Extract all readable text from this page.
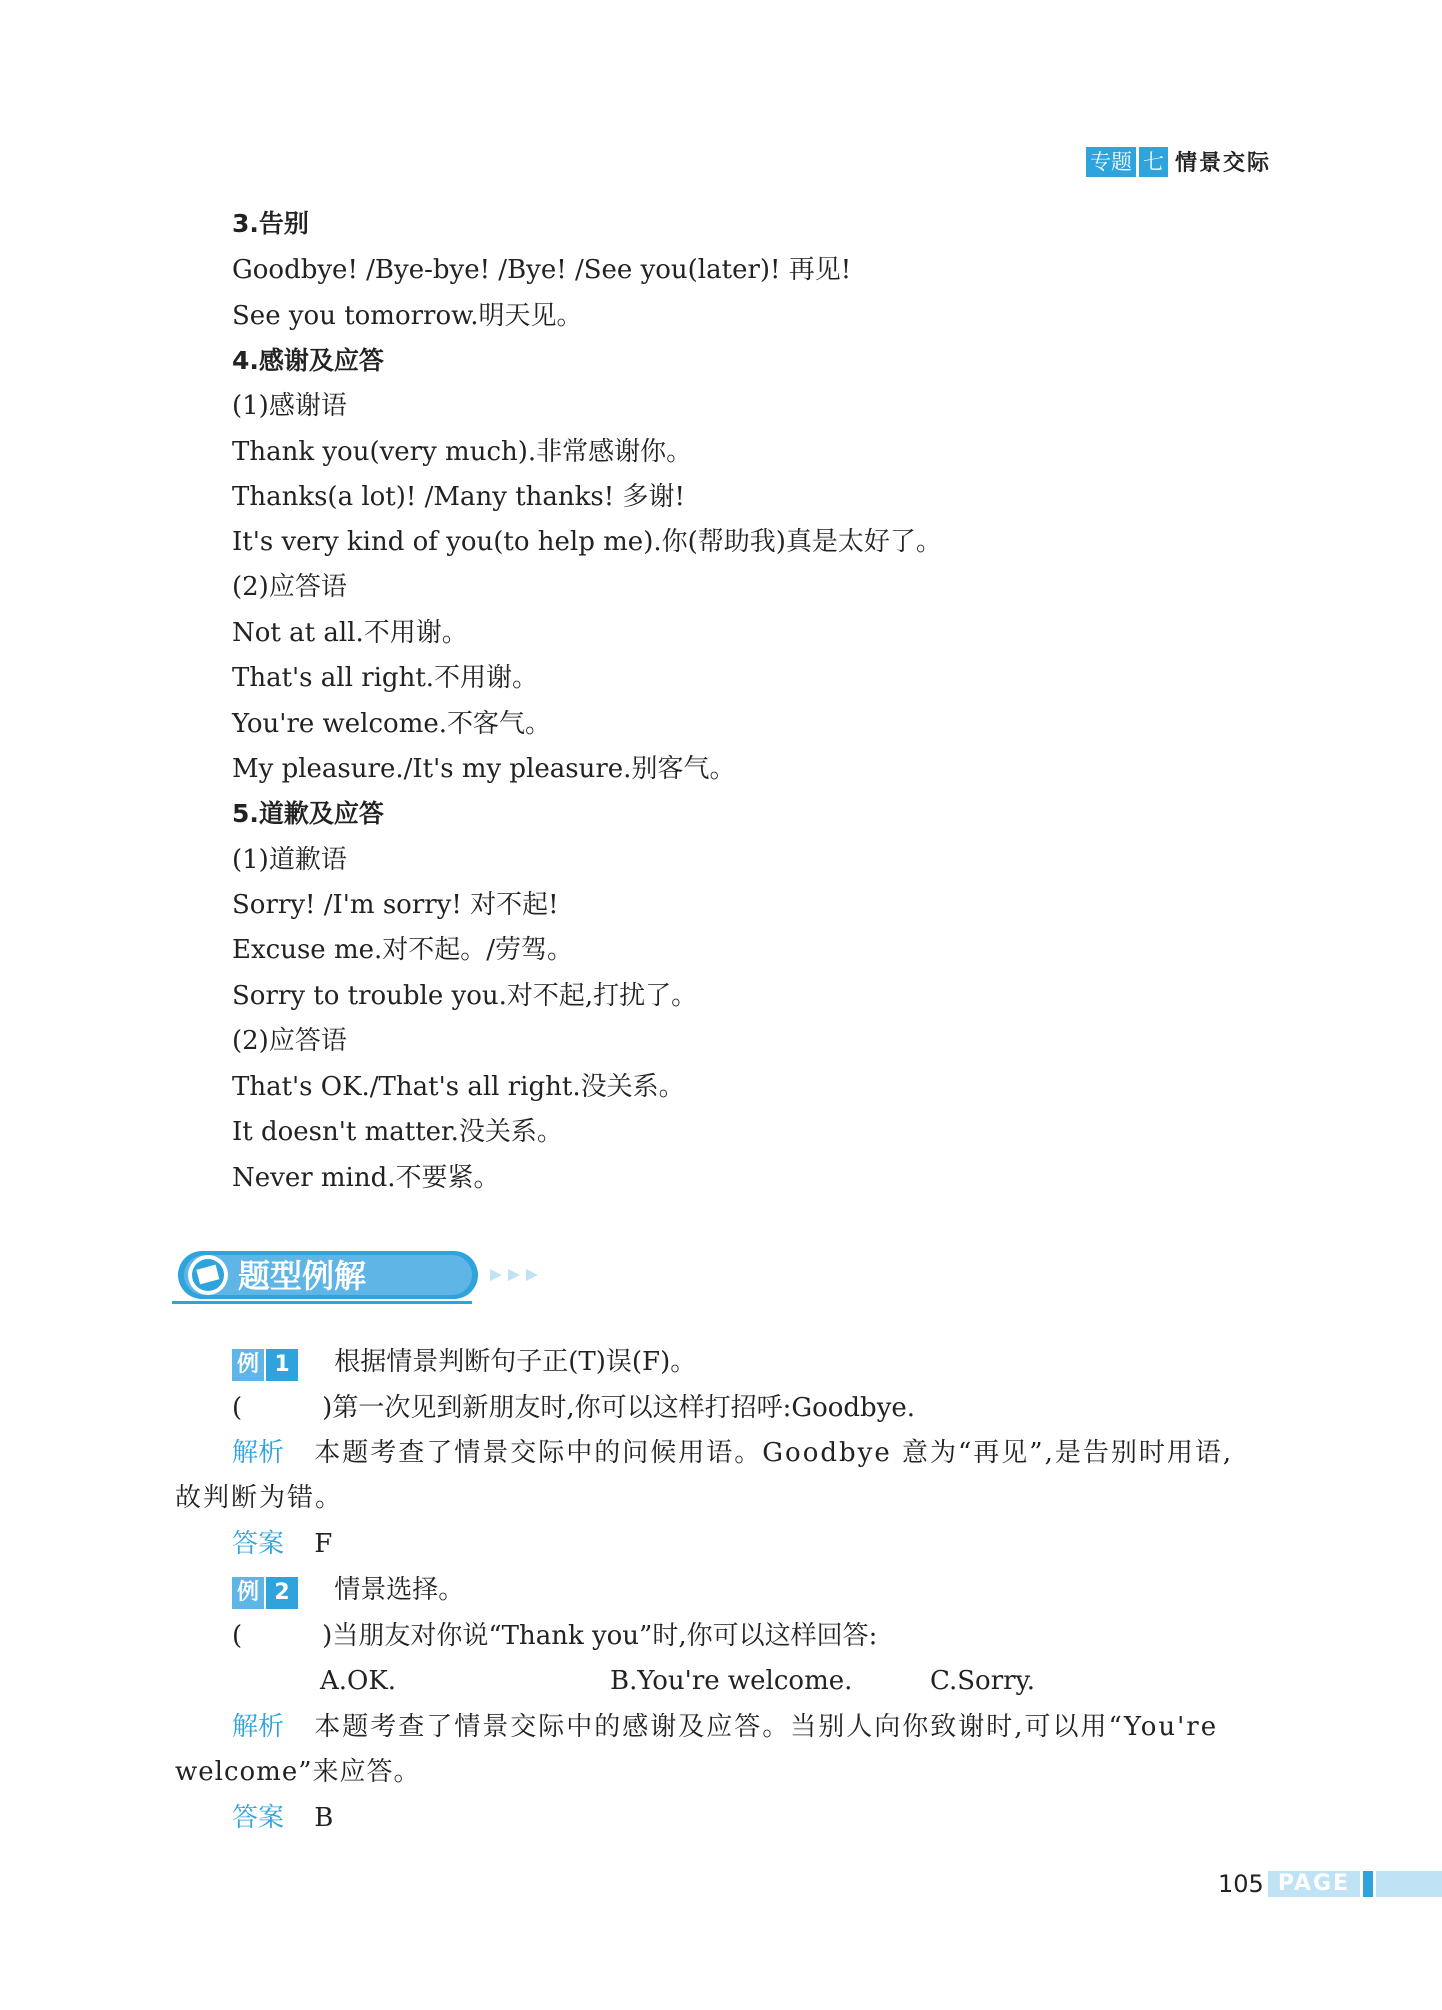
专题 七 情景交际
3.告别
Goodbye! /Bye-bye! /Bye! /See you(later)! 再见!
See you tomorrow.明天见。
4.感谢及应答
(1)感谢语
Thank you(very much).非常感谢你。
Thanks(a lot)! /Many thanks! 多谢!
It's very kind of you(to help me).你(帮助我)真是太好了。
(2)应答语
Not at all.不用谢。
That's all right.不用谢。
You're welcome.不客气。
My pleasure./It's my pleasure.别客气。
5.道歉及应答
(1)道歉语
Sorry! /I'm sorry! 对不起!
Excuse me.对不起。/劳驾。
Sorry to trouble you.对不起,打扰了。
(2)应答语
That's OK./That's all right.没关系。
It doesn't matter.没关系。
Never mind.不要紧。
题型例解
例 1 根据情景判断句子正(T)误(F)。
(	)第一次见到新朋友时,你可以这样打招呼:Goodbye.
解析 本题考查了情景交际中的问候用语。Goodbye 意为“再见”,是告别时用语,
故判断为错。
答案 F
例 2 情景选择。
(	)当朋友对你说“Thank you”时,你可以这样回答:
A.OK.	B.You're welcome.	C.Sorry.
解析 本题考查了情景交际中的感谢及应答。当别人向你致谢时,可以用“You're
welcome”来应答。
答案 B
105 PAGE
